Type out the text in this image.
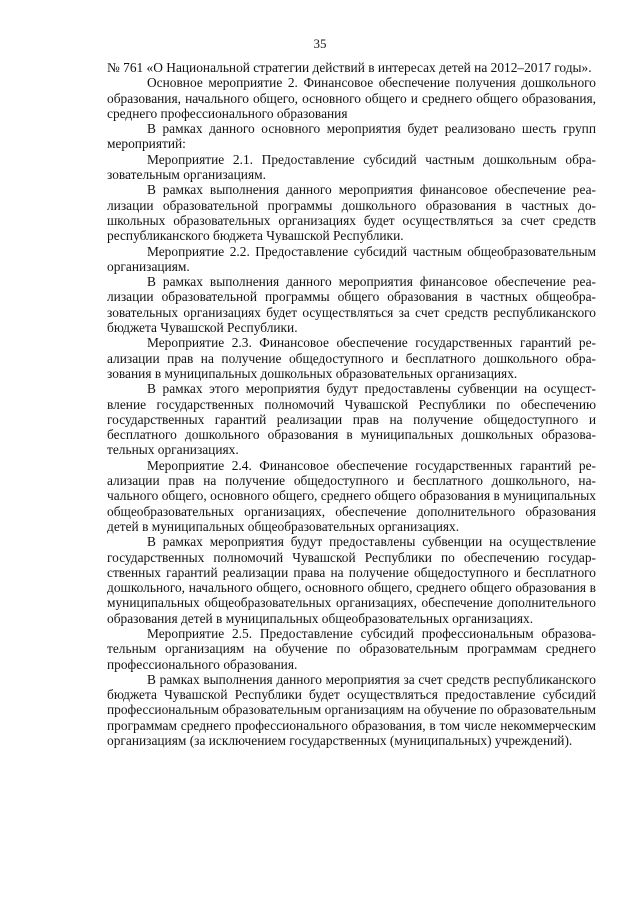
35

№ 761 «О Национальной стратегии действий в интересах детей на 2012–2017 годы».

Основное мероприятие 2. Финансовое обеспечение получения дошкольного образования, начального общего, основного общего и среднего общего образования, среднего профессионального образования

В рамках данного основного мероприятия будет реализовано шесть групп мероприятий:

Мероприятие 2.1. Предоставление субсидий частным дошкольным образовательным организациям.

В рамках выполнения данного мероприятия финансовое обеспечение реализации образовательной программы дошкольного образования в частных дошкольных образовательных организациях будет осуществляться за счет средств республиканского бюджета Чувашской Республики.

Мероприятие 2.2. Предоставление субсидий частным общеобразовательным организациям.

В рамках выполнения данного мероприятия финансовое обеспечение реализации образовательной программы общего образования в частных общеобразовательных организациях будет осуществляться за счет средств республиканского бюджета Чувашской Республики.

Мероприятие 2.3. Финансовое обеспечение государственных гарантий реализации прав на получение общедоступного и бесплатного дошкольного образования в муниципальных дошкольных образовательных организациях.

В рамках этого мероприятия будут предоставлены субвенции на осуществление государственных полномочий Чувашской Республики по обеспечению государственных гарантий реализации прав на получение общедоступного и бесплатного дошкольного образования в муниципальных дошкольных образовательных организациях.

Мероприятие 2.4. Финансовое обеспечение государственных гарантий реализации прав на получение общедоступного и бесплатного дошкольного, начального общего, основного общего, среднего общего образования в муниципальных общеобразовательных организациях, обеспечение дополнительного образования детей в муниципальных общеобразовательных организациях.

В рамках мероприятия будут предоставлены субвенции на осуществление государственных полномочий Чувашской Республики по обеспечению государственных гарантий реализации права на получение общедоступного и бесплатного дошкольного, начального общего, основного общего, среднего общего образования в муниципальных общеобразовательных организациях, обеспечение дополнительного образования детей в муниципальных общеобразовательных организациях.

Мероприятие 2.5. Предоставление субсидий профессиональным образовательным организациям на обучение по образовательным программам среднего профессионального образования.

В рамках выполнения данного мероприятия за счет средств республиканского бюджета Чувашской Республики будет осуществляться предоставление субсидий профессиональным образовательным организациям на обучение по образовательным программам среднего профессионального образования, в том числе некоммерческим организациям (за исключением государственных (муниципальных) учреждений).
